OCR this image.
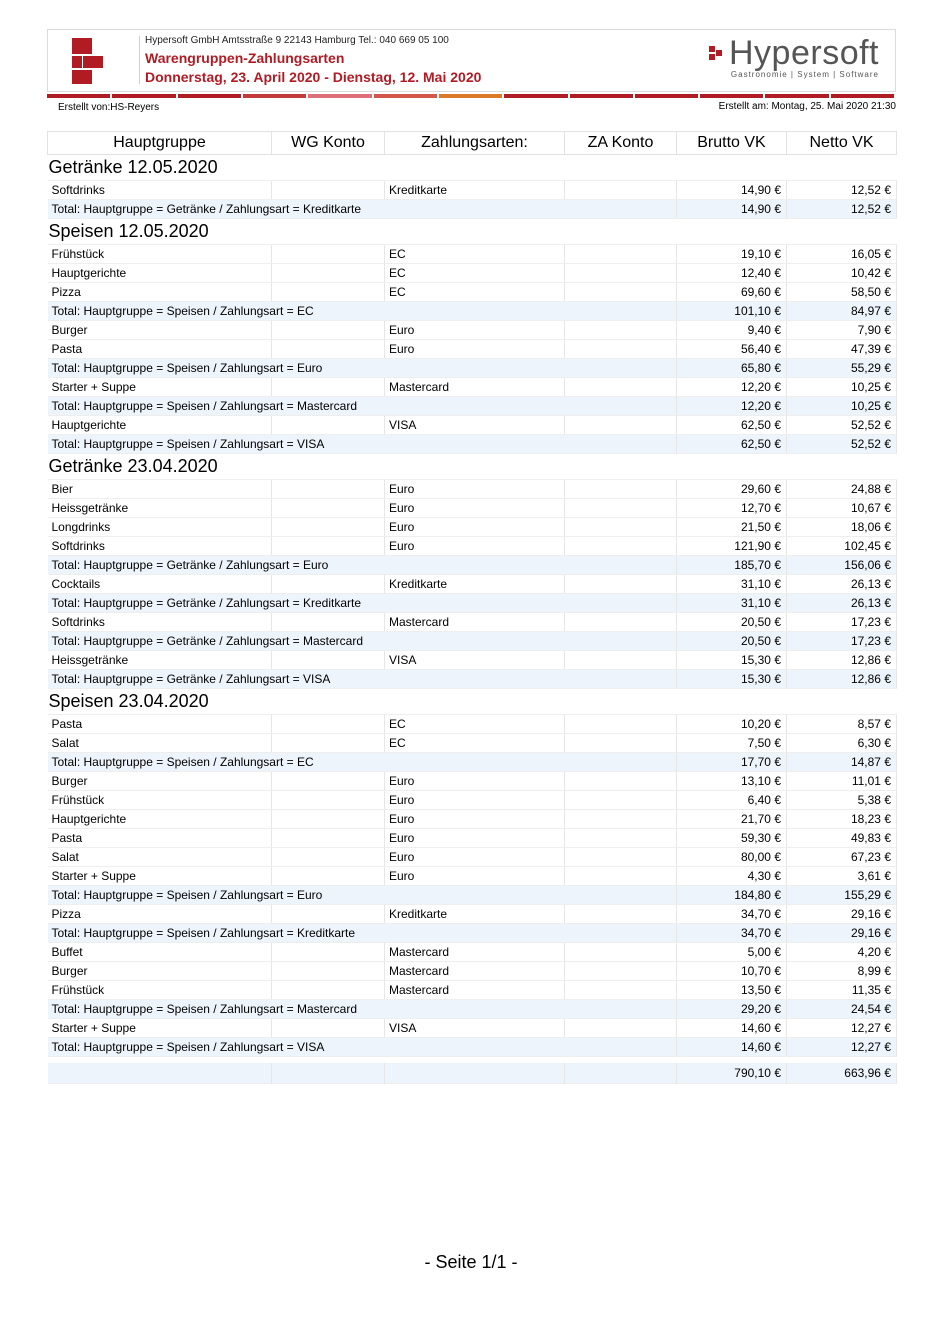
Hypersoft GmbH Amtsstraße 9 22143 Hamburg Tel.: 040 669 05 100
Warengruppen-Zahlungsarten
Donnerstag, 23. April 2020 - Dienstag, 12. Mai 2020
Hypersoft
Gastronomie | System | Software
Erstellt von:HS-Reyers	Erstellt am: Montag, 25. Mai 2020 21:30
Hauptgruppe	WG Konto	Zahlungsarten:	ZA Konto	Brutto VK	Netto VK
Getränke 12.05.2020					
Softdrinks		Kreditkarte		14,90 €	12,52 €
Total: Hauptgruppe = Getränke / Zahlungsart = Kreditkarte				14,90 €	12,52 €
Speisen 12.05.2020					
Frühstück		EC		19,10 €	16,05 €
Hauptgerichte		EC		12,40 €	10,42 €
Pizza		EC		69,60 €	58,50 €
Total: Hauptgruppe = Speisen / Zahlungsart = EC				101,10 €	84,97 €
Burger		Euro		9,40 €	7,90 €
Pasta		Euro		56,40 €	47,39 €
Total: Hauptgruppe = Speisen / Zahlungsart = Euro				65,80 €	55,29 €
Starter + Suppe		Mastercard		12,20 €	10,25 €
Total: Hauptgruppe = Speisen / Zahlungsart = Mastercard				12,20 €	10,25 €
Hauptgerichte		VISA		62,50 €	52,52 €
Total: Hauptgruppe = Speisen / Zahlungsart = VISA				62,50 €	52,52 €
Getränke 23.04.2020					
Bier		Euro		29,60 €	24,88 €
Heissgetränke		Euro		12,70 €	10,67 €
Longdrinks		Euro		21,50 €	18,06 €
Softdrinks		Euro		121,90 €	102,45 €
Total: Hauptgruppe = Getränke / Zahlungsart = Euro				185,70 €	156,06 €
Cocktails		Kreditkarte		31,10 €	26,13 €
Total: Hauptgruppe = Getränke / Zahlungsart = Kreditkarte				31,10 €	26,13 €
Softdrinks		Mastercard		20,50 €	17,23 €
Total: Hauptgruppe = Getränke / Zahlungsart = Mastercard				20,50 €	17,23 €
Heissgetränke		VISA		15,30 €	12,86 €
Total: Hauptgruppe = Getränke / Zahlungsart = VISA				15,30 €	12,86 €
Speisen 23.04.2020					
Pasta		EC		10,20 €	8,57 €
Salat		EC		7,50 €	6,30 €
Total: Hauptgruppe = Speisen / Zahlungsart = EC				17,70 €	14,87 €
Burger		Euro		13,10 €	11,01 €
Frühstück		Euro		6,40 €	5,38 €
Hauptgerichte		Euro		21,70 €	18,23 €
Pasta		Euro		59,30 €	49,83 €
Salat		Euro		80,00 €	67,23 €
Starter + Suppe		Euro		4,30 €	3,61 €
Total: Hauptgruppe = Speisen / Zahlungsart = Euro				184,80 €	155,29 €
Pizza		Kreditkarte		34,70 €	29,16 €
Total: Hauptgruppe = Speisen / Zahlungsart = Kreditkarte				34,70 €	29,16 €
Buffet		Mastercard		5,00 €	4,20 €
Burger		Mastercard		10,70 €	8,99 €
Frühstück		Mastercard		13,50 €	11,35 €
Total: Hauptgruppe = Speisen / Zahlungsart = Mastercard				29,20 €	24,54 €
Starter + Suppe		VISA		14,60 €	12,27 €
Total: Hauptgruppe = Speisen / Zahlungsart = VISA				14,60 €	12,27 €

				790,10 €	663,96 €
- Seite 1/1 -
